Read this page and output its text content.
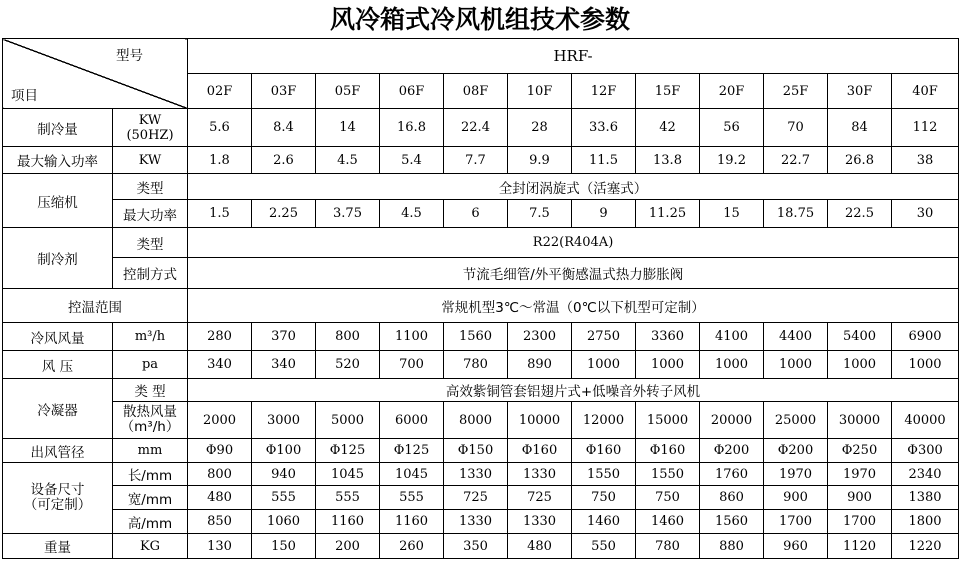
风冷箱式冷风机组技术参数
型号
项目		HRF-											
		02F	03F	05F	06F	08F	10F	12F	15F	20F	25F	30F	40F
制冷量	KW
(50HZ)	5.6	8.4	14	16.8	22.4	28	33.6	42	56	70	84	112
最大输入功率	KW	1.8	2.6	4.5	5.4	7.7	9.9	11.5	13.8	19.2	22.7	26.8	38
压缩机	类型	全封闭涡旋式（活塞式）											
	最大功率	1.5	2.25	3.75	4.5	6	7.5	9	11.25	15	18.75	22.5	30
制冷剂	类型	R22(R404A)											
	控制方式	节流毛细管/外平衡感温式热力膨胀阀											
控温范围		常规机型3℃～常温（0℃以下机型可定制）											
冷风风量	m³/h	280	370	800	1100	1560	2300	2750	3360	4100	4400	5400	6900
风 压	pa	340	340	520	700	780	890	1000	1000	1000	1000	1000	1000
冷凝器	类 型	高效紫铜管套铝翅片式+低噪音外转子风机											
	散热风量
（m³/h）	2000	3000	5000	6000	8000	10000	12000	15000	20000	25000	30000	40000
出风管径	mm	Φ90	Φ100	Φ125	Φ125	Φ150	Φ160	Φ160	Φ160	Φ200	Φ200	Φ250	Φ300
设备尺寸
（可定制）	长/mm	800	940	1045	1045	1330	1330	1550	1550	1760	1970	1970	2340
	宽/mm	480	555	555	555	725	725	750	750	860	900	900	1380
	高/mm	850	1060	1160	1160	1330	1330	1460	1460	1560	1700	1700	1800
重量	KG	130	150	200	260	350	480	550	780	880	960	1120	1220
